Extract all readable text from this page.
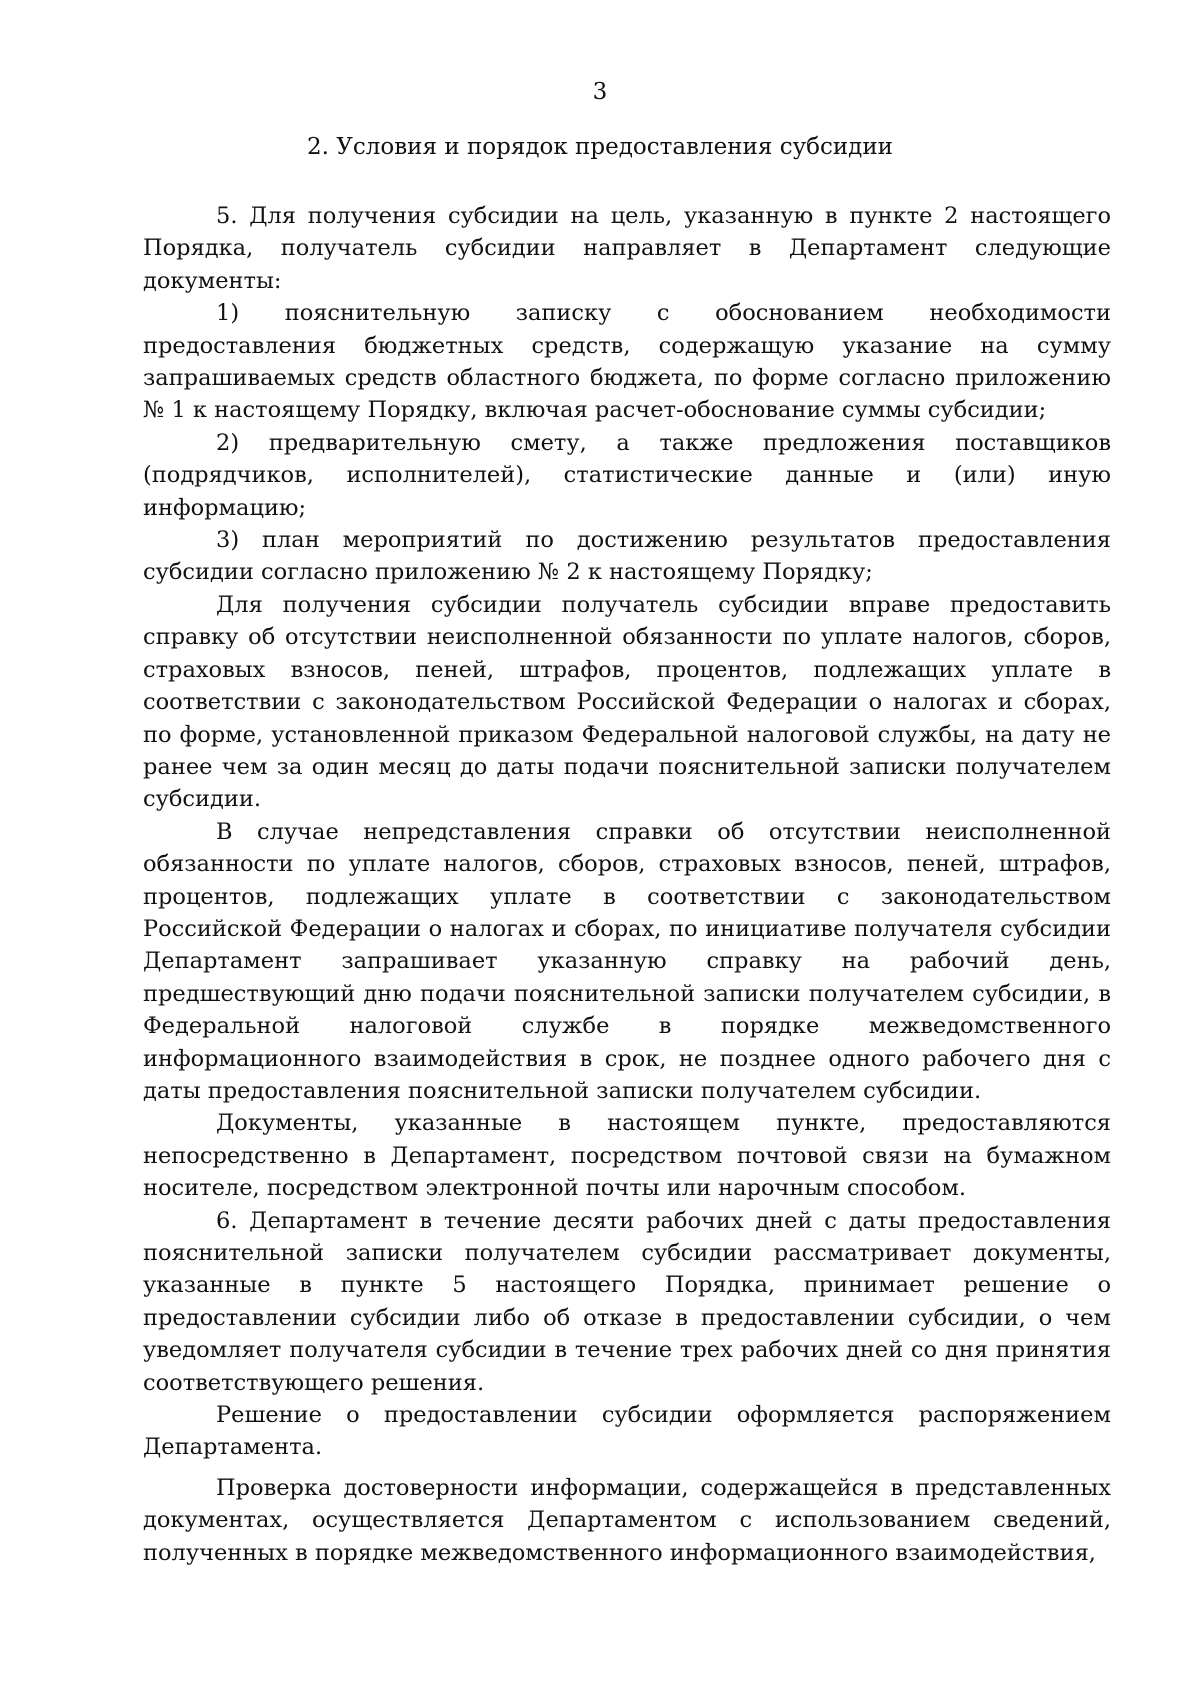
3
2. Условия и порядок предоставления субсидии

5. Для получения субсидии на цель, указанную в пункте 2 настоящего Порядка, получатель субсидии направляет в Департамент следующие документы:

1) пояснительную записку с обоснованием необходимости предоставления бюджетных средств, содержащую указание на сумму запрашиваемых средств областного бюджета, по форме согласно приложению № 1 к настоящему Порядку, включая расчет-обоснование суммы субсидии;

2) предварительную смету, а также предложения поставщиков (подрядчиков, исполнителей), статистические данные и (или) иную информацию;

3) план мероприятий по достижению результатов предоставления субсидии согласно приложению № 2 к настоящему Порядку;

Для получения субсидии получатель субсидии вправе предоставить справку об отсутствии неисполненной обязанности по уплате налогов, сборов, страховых взносов, пеней, штрафов, процентов, подлежащих уплате в соответствии с законодательством Российской Федерации о налогах и сборах, по форме, установленной приказом Федеральной налоговой службы, на дату не ранее чем за один месяц до даты подачи пояснительной записки получателем субсидии.

В случае непредставления справки об отсутствии неисполненной обязанности по уплате налогов, сборов, страховых взносов, пеней, штрафов, процентов, подлежащих уплате в соответствии с законодательством Российской Федерации о налогах и сборах, по инициативе получателя субсидии Департамент запрашивает указанную справку на рабочий день, предшествующий дню подачи пояснительной записки получателем субсидии, в Федеральной налоговой службе в порядке межведомственного информационного взаимодействия в срок, не позднее одного рабочего дня с даты предоставления пояснительной записки получателем субсидии.

Документы, указанные в настоящем пункте, предоставляются непосредственно в Департамент, посредством почтовой связи на бумажном носителе, посредством электронной почты или нарочным способом.

6. Департамент в течение десяти рабочих дней с даты предоставления пояснительной записки получателем субсидии рассматривает документы, указанные в пункте 5 настоящего Порядка, принимает решение о предоставлении субсидии либо об отказе в предоставлении субсидии, о чем уведомляет получателя субсидии в течение трех рабочих дней со дня принятия соответствующего решения.

Решение о предоставлении субсидии оформляется распоряжением Департамента.

Проверка достоверности информации, содержащейся в представленных документах, осуществляется Департаментом с использованием сведений, полученных в порядке межведомственного информационного взаимодействия,
